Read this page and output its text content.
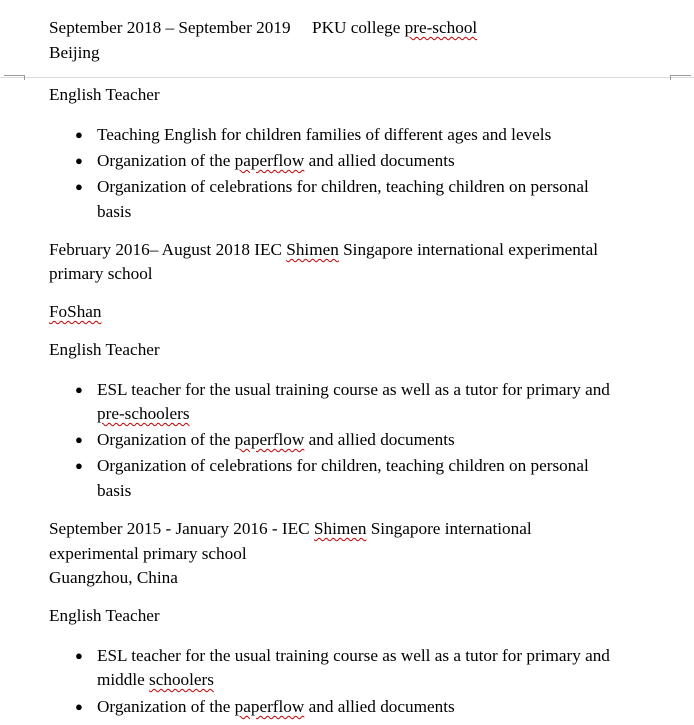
September 2018 – September 2019 PKU college pre-school
Beijing
English Teacher
● Teaching English for children families of different ages and levels
● Organization of the paperflow and allied documents
● Organization of celebrations for children, teaching children on personal
basis
February 2016– August 2018 IEC Shimen Singapore international experimental
primary school
FoShan
English Teacher
● ESL teacher for the usual training course as well as a tutor for primary and
pre-schoolers
● Organization of the paperflow and allied documents
● Organization of celebrations for children, teaching children on personal
basis
September 2015 - January 2016 - IEC Shimen Singapore international
experimental primary school
Guangzhou, China
English Teacher
● ESL teacher for the usual training course as well as a tutor for primary and
middle schoolers
● Organization of the paperflow and allied documents
